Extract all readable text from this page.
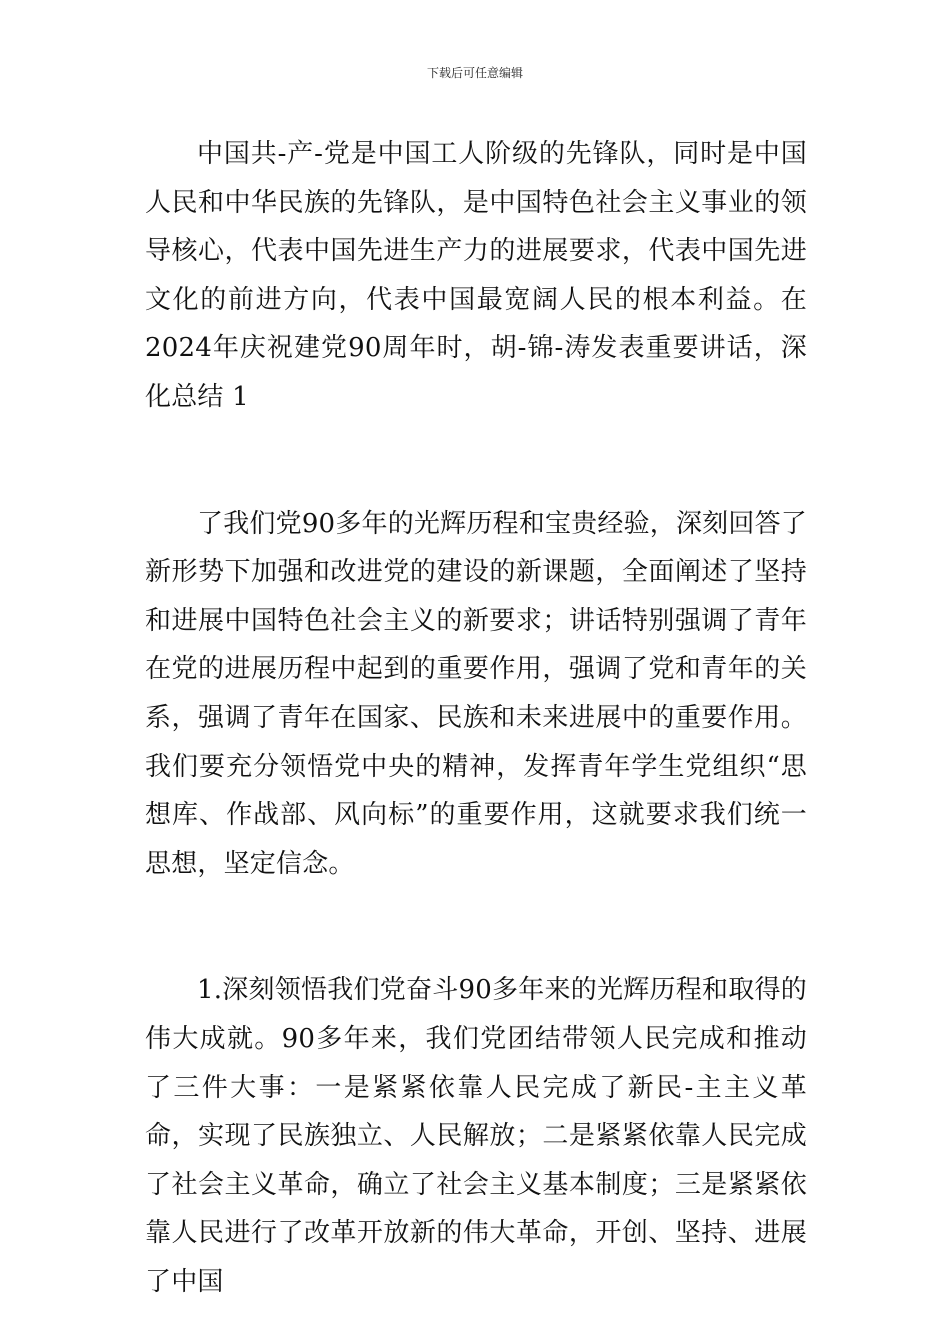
下载后可任意编辑

中国共-产-党是中国工人阶级的先锋队，同时是中国人民和中华民族的先锋队，是中国特色社会主义事业的领导核心，代表中国先进生产力的进展要求，代表中国先进文化的前进方向，代表中国最宽阔人民的根本利益。在2024年庆祝建党90周年时，胡-锦-涛发表重要讲话，深化总结 1

了我们党90多年的光辉历程和宝贵经验，深刻回答了新形势下加强和改进党的建设的新课题，全面阐述了坚持和进展中国特色社会主义的新要求；讲话特别强调了青年在党的进展历程中起到的重要作用，强调了党和青年的关系，强调了青年在国家、民族和未来进展中的重要作用。我们要充分领悟党中央的精神，发挥青年学生党组织“思想库、作战部、风向标”的重要作用，这就要求我们统一思想，坚定信念。

1.深刻领悟我们党奋斗90多年来的光辉历程和取得的伟大成就。90多年来，我们党团结带领人民完成和推动了三件大事：一是紧紧依靠人民完成了新民-主主义革命，实现了民族独立、人民解放；二是紧紧依靠人民完成了社会主义革命，确立了社会主义基本制度；三是紧紧依靠人民进行了改革开放新的伟大革命，开创、坚持、进展了中国
